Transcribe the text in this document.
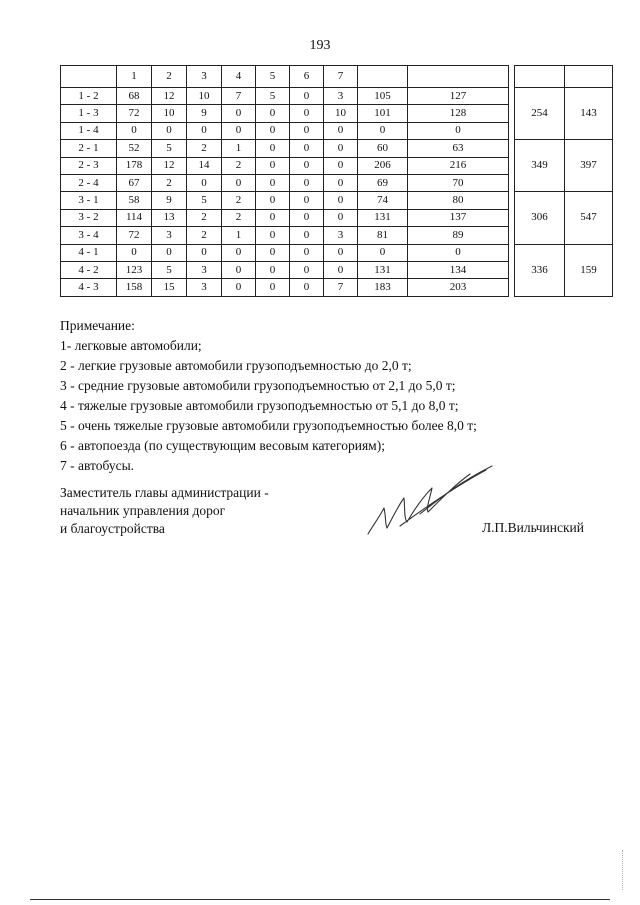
193
	1	2	3	4	5	6	7					
1 - 2	68	12	10	7	5	0	3	105	127		254	143
1 - 3	72	10	9	0	0	0	10	101	128			
1 - 4	0	0	0	0	0	0	0	0	0			
2 - 1	52	5	2	1	0	0	0	60	63		349	397
2 - 3	178	12	14	2	0	0	0	206	216			
2 - 4	67	2	0	0	0	0	0	69	70			
3 - 1	58	9	5	2	0	0	0	74	80		306	547
3 - 2	114	13	2	2	0	0	0	131	137			
3 - 4	72	3	2	1	0	0	3	81	89			
4 - 1	0	0	0	0	0	0	0	0	0		336	159
4 - 2	123	5	3	0	0	0	0	131	134			
4 - 3	158	15	3	0	0	0	7	183	203			
Примечание:
1- легковые автомобили;
2 - легкие грузовые автомобили грузоподъемностью до 2,0 т;
3 - средние грузовые автомобили грузоподъемностью от 2,1 до 5,0 т;
4 - тяжелые грузовые автомобили грузоподъемностью от 5,1 до 8,0 т;
5 - очень тяжелые грузовые автомобили грузоподъемностью более 8,0 т;
6 - автопоезда (по существующим весовым категориям);
7 - автобусы.
Заместитель главы администрации -
начальник управления дорог
и благоустройства	Л.П.Вильчинский
